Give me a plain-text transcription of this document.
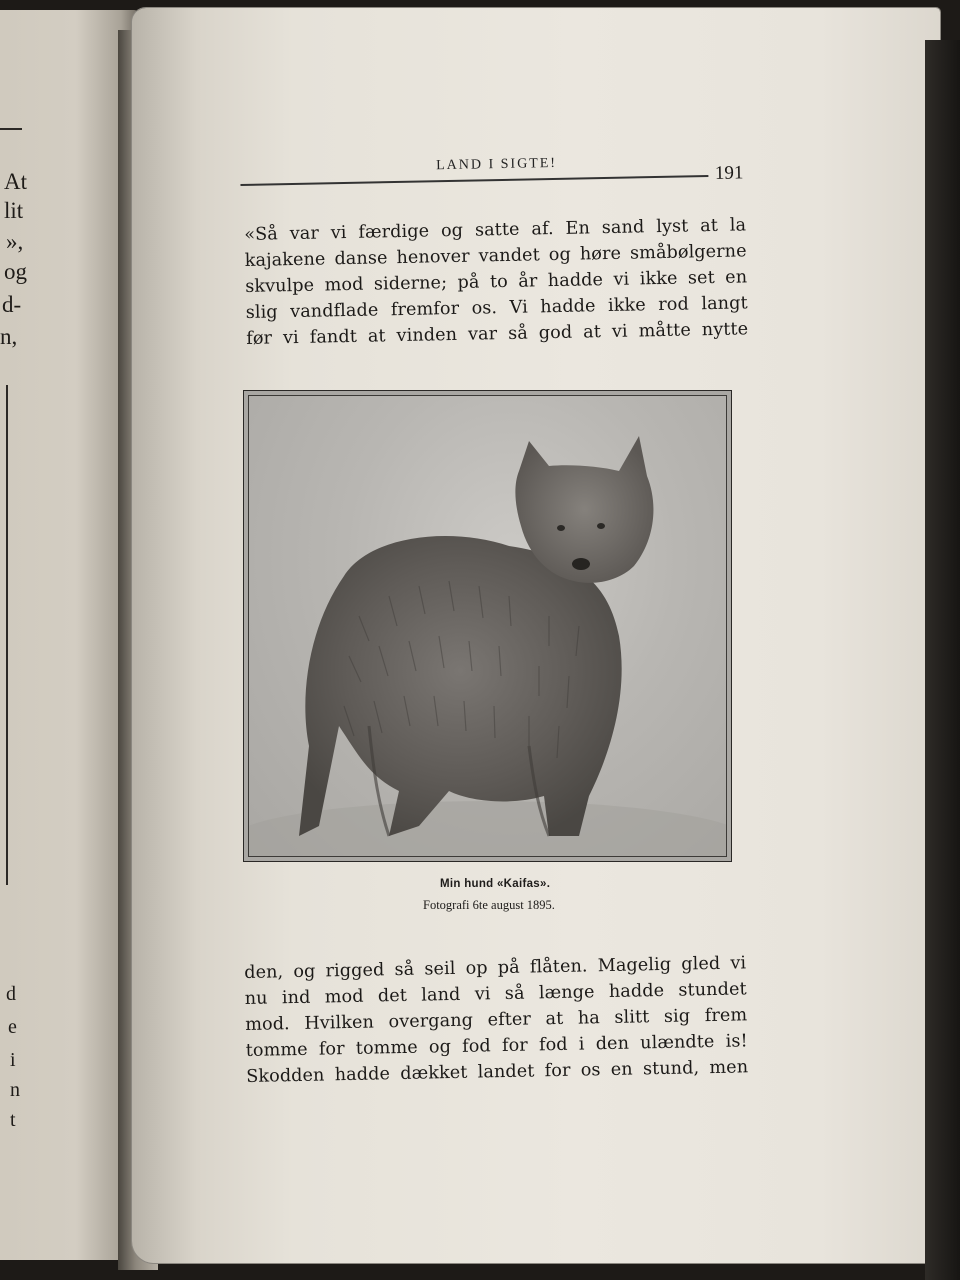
At
lit
»,
og
d-
n,
d
e
i
n
t
LAND I SIGTE!	191
«Så var vi færdige og satte af. En sand lyst at la
kajakene danse henover vandet og høre småbølgerne
skvulpe mod siderne; på to år hadde vi ikke set en
slig vandflade fremfor os. Vi hadde ikke rod langt
før vi fandt at vinden var så god at vi måtte nytte
Min hund «Kaifas».
Fotografi 6te august 1895.
den, og rigged så seil op på flåten. Magelig gled vi
nu ind mod det land vi så længe hadde stundet
mod. Hvilken overgang efter at ha slitt sig frem
tomme for tomme og fod for fod i den ulændte is!
Skodden hadde dækket landet for os en stund, men
